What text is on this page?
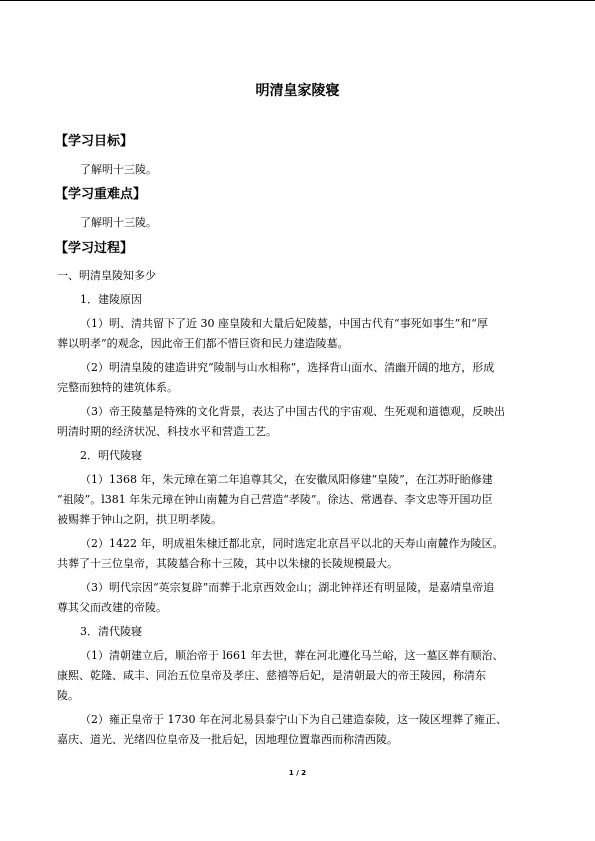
明清皇家陵寝
【学习目标】
了解明十三陵。
【学习重难点】
了解明十三陵。
【学习过程】
一、明清皇陵知多少
1．建陵原因
（1）明、清共留下了近 30 座皇陵和大量后妃陵墓，中国古代有“事死如事生”和“厚
葬以明孝”的观念，因此帝王们都不惜巨资和民力建造陵墓。
（2）明清皇陵的建造讲究“陵制与山水相称”，选择背山面水、清幽开阔的地方，形成
完整而独特的建筑体系。
（3）帝王陵墓是特殊的文化背景，表达了中国古代的宇宙观、生死观和道德观，反映出
明清时期的经济状况、科技水平和营造工艺。
2．明代陵寝
（1）1368 年，朱元璋在第二年追尊其父，在安徽凤阳修建“皇陵”，在江苏盱眙修建
“祖陵”。l381 年朱元璋在钟山南麓为自己营造“孝陵”。徐达、常遇春、李文忠等开国功臣
被赐葬于钟山之阴，拱卫明孝陵。
（2）1422 年，明成祖朱棣迁都北京，同时选定北京昌平以北的天寿山南麓作为陵区。
共葬了十三位皇帝，其陵墓合称十三陵，其中以朱棣的长陵规模最大。
（3）明代宗因“英宗复辟”而葬于北京西效金山；湖北钟祥还有明显陵，是嘉靖皇帝追
尊其父而改建的帝陵。
3．清代陵寝
（1）清朝建立后，顺治帝于 l661 年去世，葬在河北遵化马兰峪，这一墓区葬有顺治、
康熙、乾隆、咸丰、同治五位皇帝及孝庄、慈禧等后妃，是清朝最大的帝王陵园，称清东
陵。
（2）雍正皇帝于 1730 年在河北易县泰宁山下为自己建造泰陵，这一陵区埋葬了雍正、
嘉庆、道光、光绪四位皇帝及一批后妃，因地理位置靠西而称清西陵。
1 / 2
